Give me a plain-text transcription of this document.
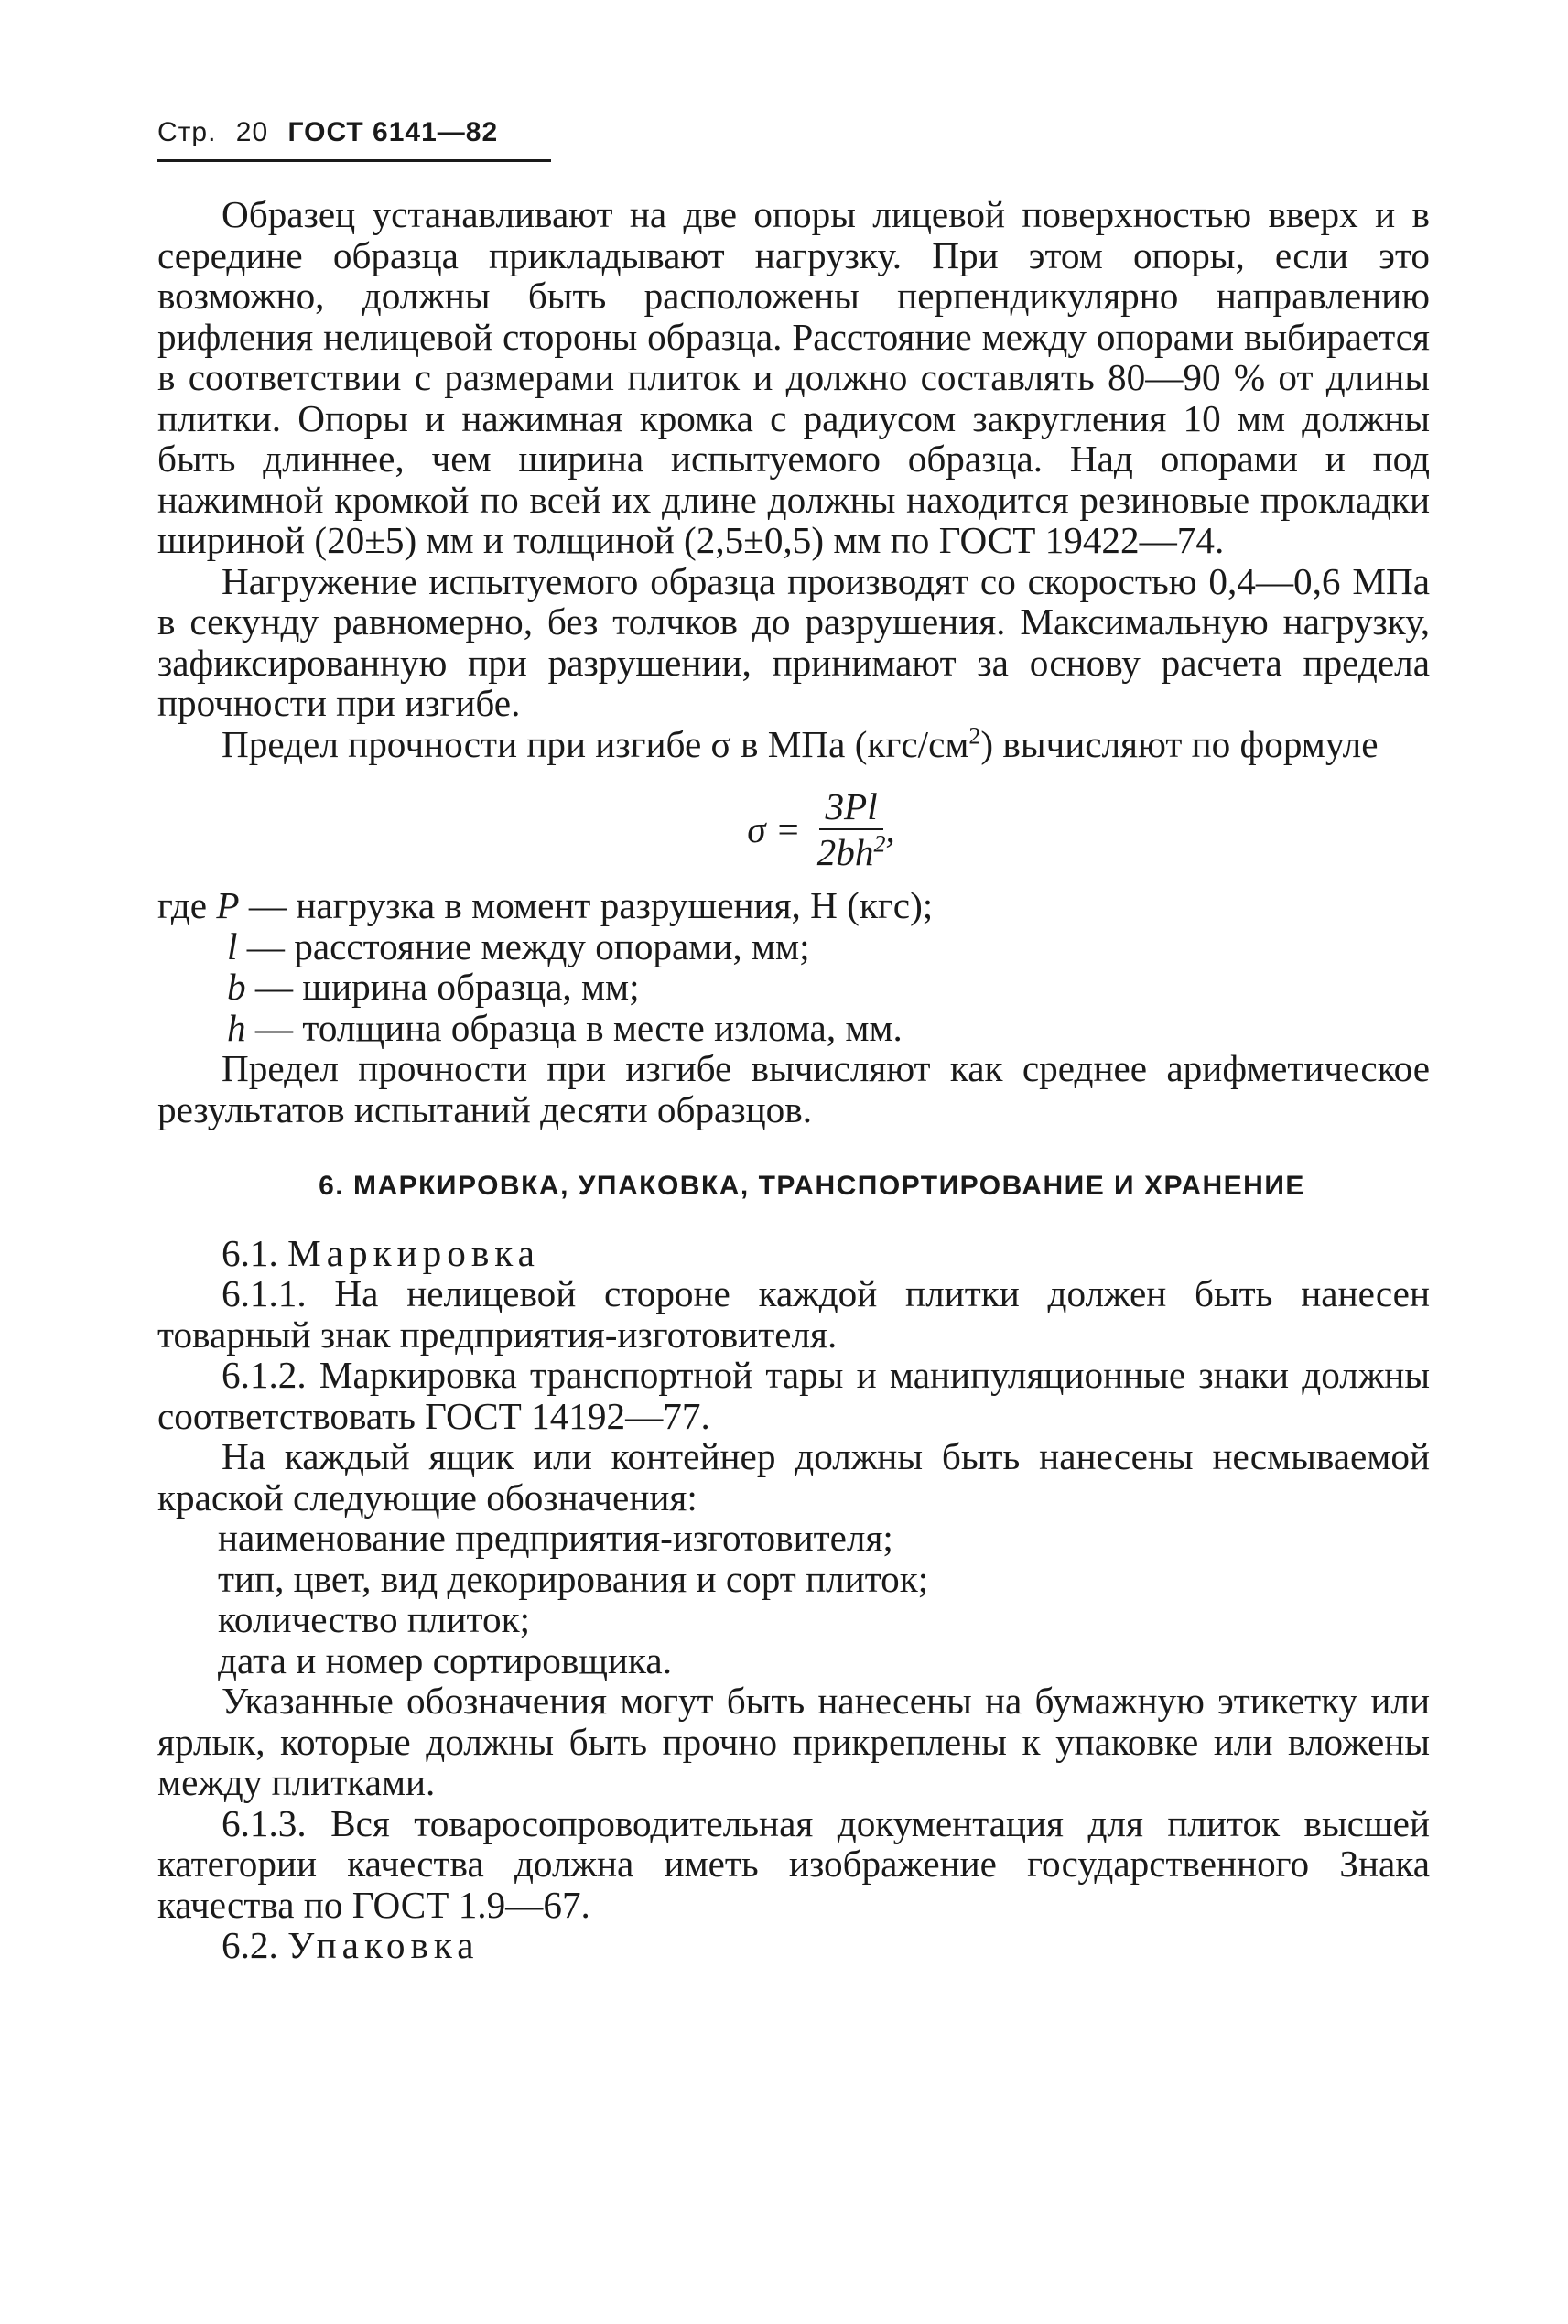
Стр. 20 ГОСТ 6141—82

Образец устанавливают на две опоры лицевой поверхностью вверх и в середине образца прикладывают нагрузку. При этом опоры, если это возможно, должны быть расположены перпендикулярно направлению рифления нелицевой стороны образца. Расстояние между опорами выбирается в соответствии с размерами плиток и должно составлять 80—90 % от длины плитки. Опоры и нажимная кромка с радиусом закругления 10 мм должны быть длиннее, чем ширина испытуемого образца. Над опорами и под нажимной кромкой по всей их длине должны находится резиновые прокладки шириной (20±5) мм и толщиной (2,5±0,5) мм по ГОСТ 19422—74.

Нагружение испытуемого образца производят со скоростью 0,4—0,6 МПа в секунду равномерно, без толчков до разрушения. Максимальную нагрузку, зафиксированную при разрушении, принимают за основу расчета предела прочности при изгибе.

Предел прочности при изгибе σ в МПа $(кгс/см^2)$ вычисляют по формуле

$\sigma = \frac{3Pl}{2bh^2}$ ,
где P — нагрузка в момент разрушения, Н (кгс);
l — расстояние между опорами, мм;
b — ширина образца, мм;
h — толщина образца в месте излома, мм.

Предел прочности при изгибе вычисляют как среднее арифметическое результатов испытаний десяти образцов.

6. МАРКИРОВКА, УПАКОВКА, ТРАНСПОРТИРОВАНИЕ И ХРАНЕНИЕ

6.1. Маркировка

6.1.1. На нелицевой стороне каждой плитки должен быть нанесен товарный знак предприятия-изготовителя.

6.1.2. Маркировка транспортной тары и манипуляционные знаки должны соответствовать ГОСТ 14192—77.

На каждый ящик или контейнер должны быть нанесены несмываемой краской следующие обозначения:

наименование предприятия-изготовителя;
тип, цвет, вид декорирования и сорт плиток;
количество плиток;
дата и номер сортировщика.

Указанные обозначения могут быть нанесены на бумажную этикетку или ярлык, которые должны быть прочно прикреплены к упаковке или вложены между плитками.

6.1.3. Вся товаросопроводительная документация для плиток высшей категории качества должна иметь изображение государственного Знака качества по ГОСТ 1.9—67.

6.2. Упаковка
